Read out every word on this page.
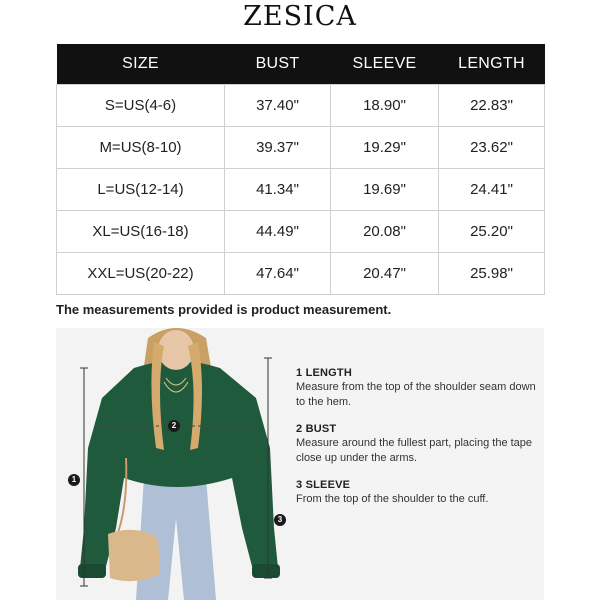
ZESICA
SIZE	BUST	SLEEVE	LENGTH
S=US(4-6)	37.40"	18.90"	22.83"
M=US(8-10)	39.37"	19.29"	23.62"
L=US(12-14)	41.34"	19.69"	24.41"
XL=US(16-18)	44.49"	20.08"	25.20"
XXL=US(20-22)	47.64"	20.47"	25.98"
The measurements provided is product measurement.
1
2
3
1 LENGTH
Measure from the top of the shoulder seam down to the hem.
2 BUST
Measure around the fullest part, placing the tape close up under the arms.
3 SLEEVE
From the top of the shoulder to the cuff.
